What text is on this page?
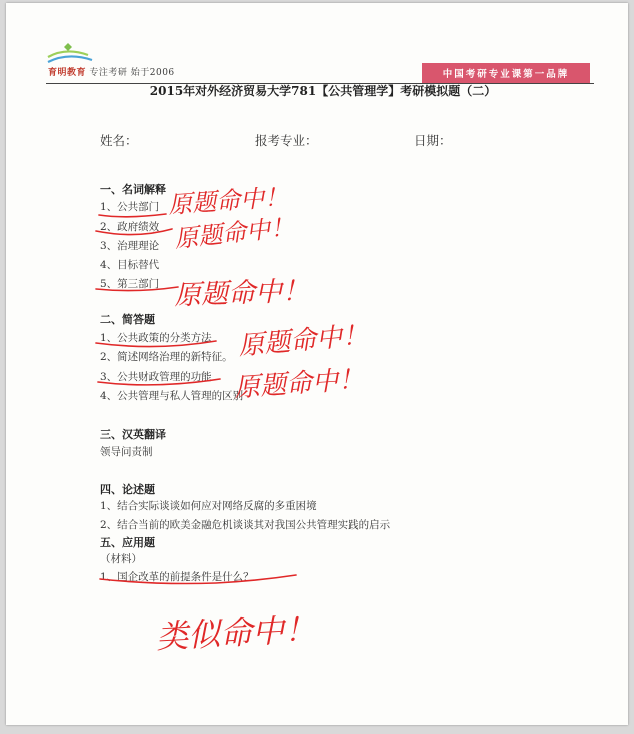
育明教育 专注考研 始于2006	中国考研专业课第一品牌
2015年对外经济贸易大学781【公共管理学】考研模拟题（二）
姓名：	报考专业：	日期：
一、名词解释
1、公共部门
2、政府绩效
3、治理理论
4、目标替代
5、第三部门
二、简答题
1、公共政策的分类方法
2、简述网络治理的新特征。
3、公共财政管理的功能
4、公共管理与私人管理的区别
三、汉英翻译
领导问责制
四、论述题
1、结合实际谈谈如何应对网络反腐的多重困境
2、结合当前的欧美金融危机谈谈其对我国公共管理实践的启示
五、应用题
（材料）
1、国企改革的前提条件是什么？
原题命中！
原题命中！
原题命中！
原题命中！
原题命中！
类似命中！
